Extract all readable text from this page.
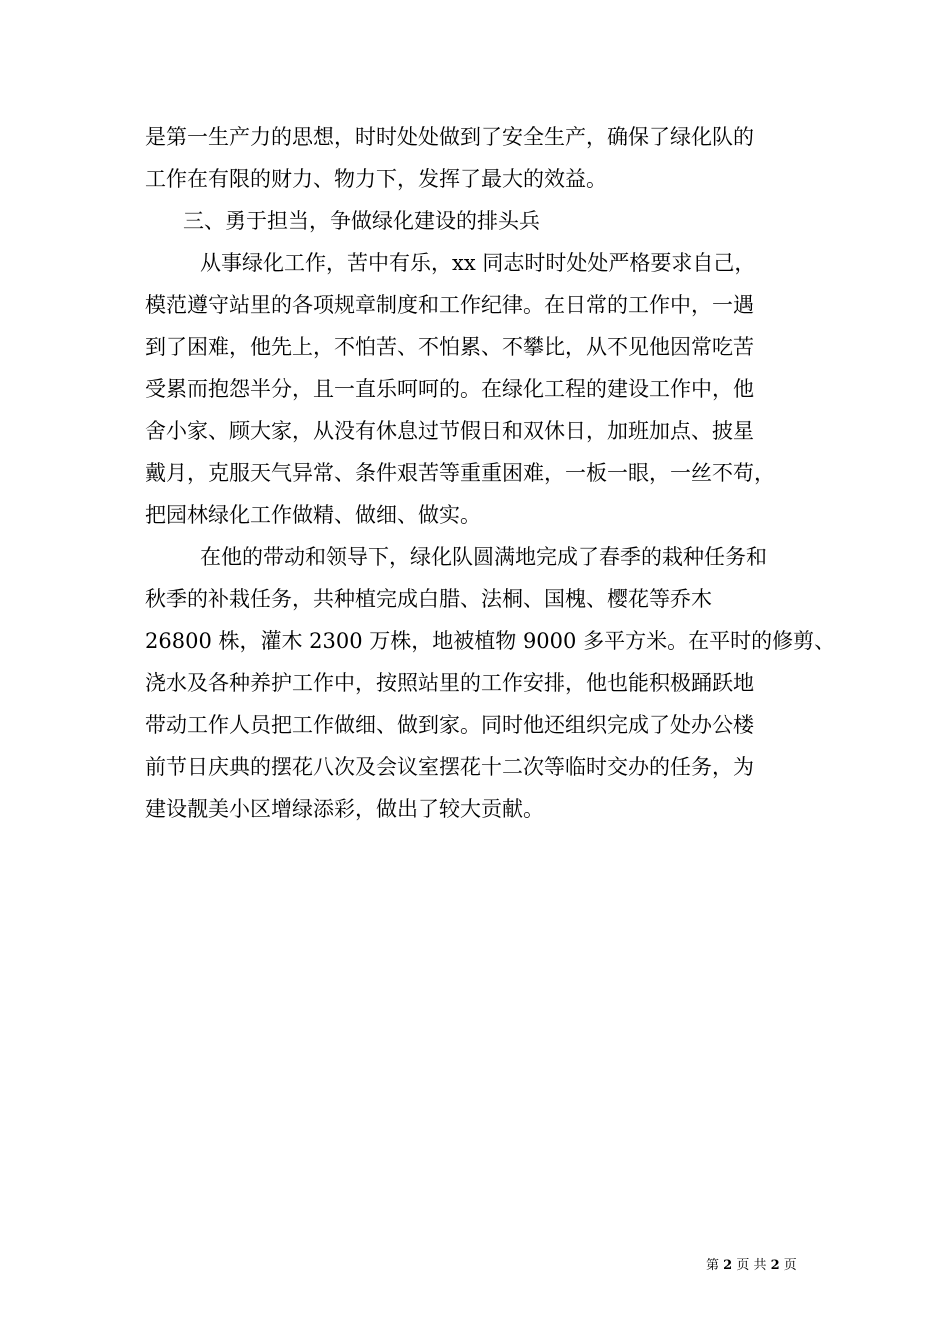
是第一生产力的思想，时时处处做到了安全生产，确保了绿化队的
工作在有限的财力、物力下，发挥了最大的效益。
三、勇于担当，争做绿化建设的排头兵
从事绿化工作，苦中有乐，xx 同志时时处处严格要求自己，
模范遵守站里的各项规章制度和工作纪律。在日常的工作中，一遇
到了困难，他先上，不怕苦、不怕累、不攀比，从不见他因常吃苦
受累而抱怨半分，且一直乐呵呵的。在绿化工程的建设工作中，他
舍小家、顾大家，从没有休息过节假日和双休日，加班加点、披星
戴月，克服天气异常、条件艰苦等重重困难，一板一眼，一丝不苟，
把园林绿化工作做精、做细、做实。
在他的带动和领导下，绿化队圆满地完成了春季的栽种任务和
秋季的补栽任务，共种植完成白腊、法桐、国槐、樱花等乔木
26800 株，灌木 2300 万株，地被植物 9000 多平方米。在平时的修剪、
浇水及各种养护工作中，按照站里的工作安排，他也能积极踊跃地
带动工作人员把工作做细、做到家。同时他还组织完成了处办公楼
前节日庆典的摆花八次及会议室摆花十二次等临时交办的任务，为
建设靓美小区增绿添彩，做出了较大贡献。
第 2 页 共 2 页
